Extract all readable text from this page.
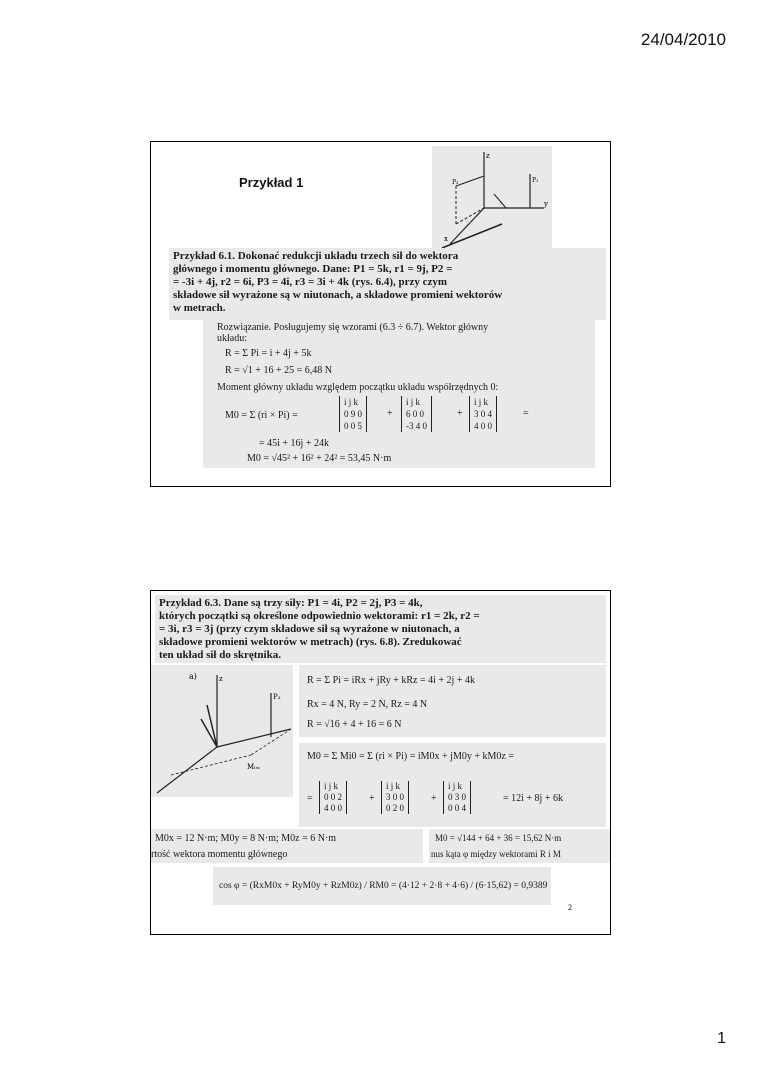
24/04/2010
Przykład 1
z
y
x
P₁
P₃
Przykład 6.1. Dokonać redukcji układu trzech sił do wektora
głównego i momentu głównego. Dane: P1 = 5k, r1 = 9j, P2 =
= -3i + 4j, r2 = 6i, P3 = 4i, r3 = 3i + 4k (rys. 6.4), przy czym
składowe sił wyrażone są w niutonach, a składowe promieni wektorów
w metrach.
Rozwiązanie. Posługujemy się wzorami (6.3 ÷ 6.7). Wektor główny
układu:
R = Σ Pi = i + 4j + 5k
R = √1 + 16 + 25 = 6,48 N
Moment główny układu względem początku układu współrzędnych 0:
M0 = Σ (ri × Pi) =
i j k
0 9 0
0 0 5
+
i j k
6 0 0
-3 4 0
+
i j k
3 0 4
4 0 0
=
= 45i + 16j + 24k
M0 = √45² + 16² + 24² = 53,45 N·m
Przykład 6.3. Dane są trzy siły: P1 = 4i, P2 = 2j, P3 = 4k,
których początki są określone odpowiednio wektorami: r1 = 2k, r2 =
= 3i, r3 = 3j (przy czym składowe sił są wyrażone w niutonach, a
składowe promieni wektorów w metrach) (rys. 6.8). Zredukować
ten układ sił do skrętnika.
a)	z
P₃
M₀ₓ
R = Σ Pi = iRx + jRy + kRz = 4i + 2j + 4k
Rx = 4 N, Ry = 2 N, Rz = 4 N
R = √16 + 4 + 16 = 6 N
M0 = Σ Mi0 = Σ (ri × Pi) = iM0x + jM0y + kM0z =
=
i j k
0 0 2
4 0 0
+
i j k
3 0 0
0 2 0
+
i j k
0 3 0
0 0 4
= 12i + 8j + 6k
M0x = 12 N·m; M0y = 8 N·m; M0z = 6 N·m
rtość wektora momentu głównego
M0 = √144 + 64 + 36 = 15,62 N·m
nus kąta φ między wektorami R i M
cos φ = (RxM0x + RyM0y + RzM0z) / RM0 = (4·12 + 2·8 + 4·6) / (6·15,62) = 0,9389
2
1
